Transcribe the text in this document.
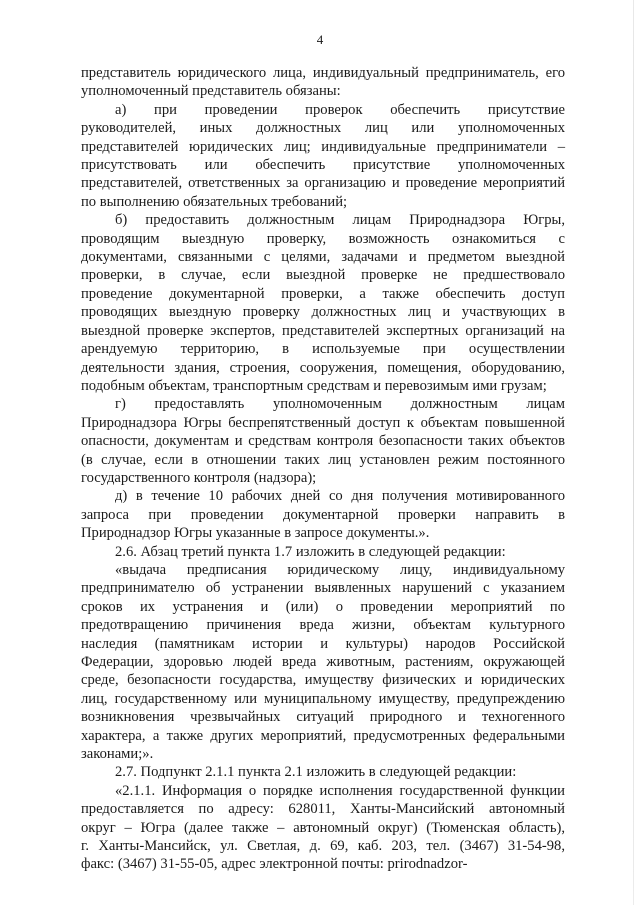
4
представитель юридического лица, индивидуальный предприниматель, его
уполномоченный представитель обязаны:
а) при проведении проверок обеспечить присутствие
руководителей, иных должностных лиц или уполномоченных
представителей юридических лиц; индивидуальные предприниматели –
присутствовать или обеспечить присутствие уполномоченных
представителей, ответственных за организацию и проведение мероприятий
по выполнению обязательных требований;
б) предоставить должностным лицам Природнадзора Югры,
проводящим выездную проверку, возможность ознакомиться с
документами, связанными с целями, задачами и предметом выездной
проверки, в случае, если выездной проверке не предшествовало
проведение документарной проверки, а также обеспечить доступ
проводящих выездную проверку должностных лиц и участвующих в
выездной проверке экспертов, представителей экспертных организаций на
арендуемую территорию, в используемые при осуществлении
деятельности здания, строения, сооружения, помещения, оборудованию,
подобным объектам, транспортным средствам и перевозимым ими грузам;
г) предоставлять уполномоченным должностным лицам
Природнадзора Югры беспрепятственный доступ к объектам повышенной
опасности, документам и средствам контроля безопасности таких объектов
(в случае, если в отношении таких лиц установлен режим постоянного
государственного контроля (надзора);
д) в течение 10 рабочих дней со дня получения мотивированного
запроса при проведении документарной проверки направить в
Природнадзор Югры указанные в запросе документы.».
2.6. Абзац третий пункта 1.7 изложить в следующей редакции:
«выдача предписания юридическому лицу, индивидуальному
предпринимателю об устранении выявленных нарушений с указанием
сроков их устранения и (или) о проведении мероприятий по
предотвращению причинения вреда жизни, объектам культурного
наследия (памятникам истории и культуры) народов Российской
Федерации, здоровью людей вреда животным, растениям, окружающей
среде, безопасности государства, имуществу физических и юридических
лиц, государственному или муниципальному имуществу, предупреждению
возникновения чрезвычайных ситуаций природного и техногенного
характера, а также других мероприятий, предусмотренных федеральными
законами;».
2.7. Подпункт 2.1.1 пункта 2.1 изложить в следующей редакции:
«2.1.1. Информация о порядке исполнения государственной функции
предоставляется по адресу: 628011, Ханты-Мансийский автономный
округ – Югра (далее также – автономный округ) (Тюменская область),
г. Ханты-Мансийск, ул. Светлая, д. 69, каб. 203, тел. (3467) 31-54-98,
факс: (3467) 31-55-05, адрес электронной почты: prirodnadzor-
